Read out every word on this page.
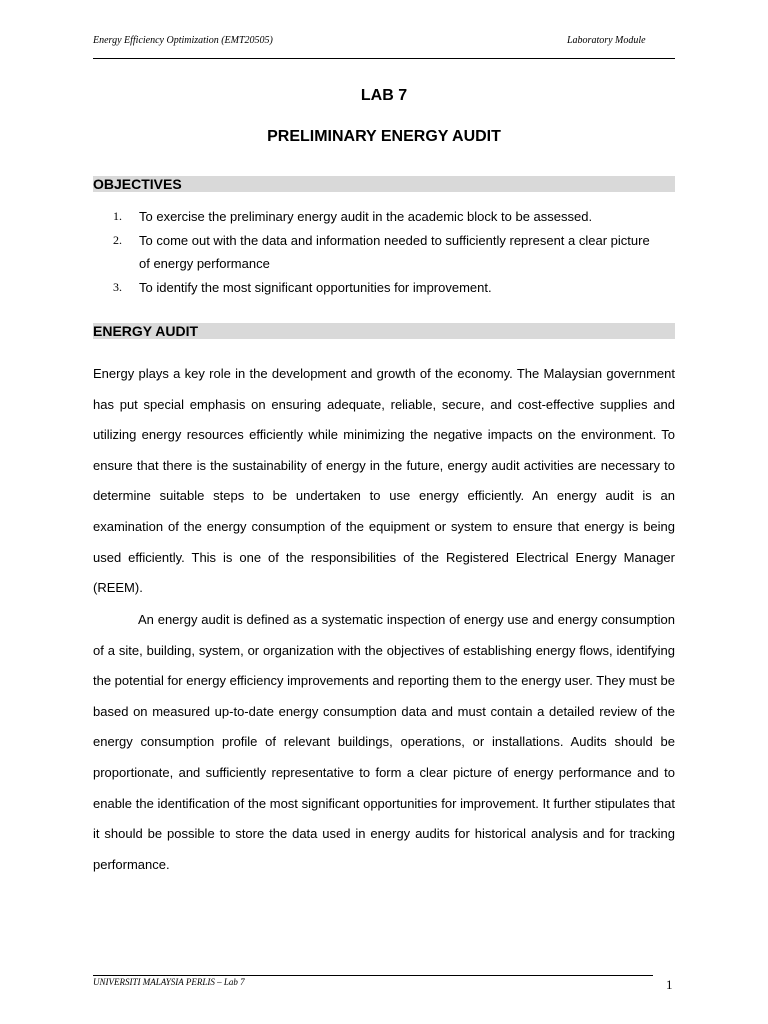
Energy Efficiency Optimization (EMT20505)	Laboratory Module
LAB 7
PRELIMINARY ENERGY AUDIT
OBJECTIVES
1. To exercise the preliminary energy audit in the academic block to be assessed.
2. To come out with the data and information needed to sufficiently represent a clear picture of energy performance
3. To identify the most significant opportunities for improvement.
ENERGY AUDIT

Energy plays a key role in the development and growth of the economy. The Malaysian government has put special emphasis on ensuring adequate, reliable, secure, and cost-effective supplies and utilizing energy resources efficiently while minimizing the negative impacts on the environment. To ensure that there is the sustainability of energy in the future, energy audit activities are necessary to determine suitable steps to be undertaken to use energy efficiently. An energy audit is an examination of the energy consumption of the equipment or system to ensure that energy is being used efficiently. This is one of the responsibilities of the Registered Electrical Energy Manager (REEM).

An energy audit is defined as a systematic inspection of energy use and energy consumption of a site, building, system, or organization with the objectives of establishing energy flows, identifying the potential for energy efficiency improvements and reporting them to the energy user. They must be based on measured up-to-date energy consumption data and must contain a detailed review of the energy consumption profile of relevant buildings, operations, or installations. Audits should be proportionate, and sufficiently representative to form a clear picture of energy performance and to enable the identification of the most significant opportunities for improvement. It further stipulates that it should be possible to store the data used in energy audits for historical analysis and for tracking performance.

UNIVERSITI MALAYSIA PERLIS – Lab 7	1
